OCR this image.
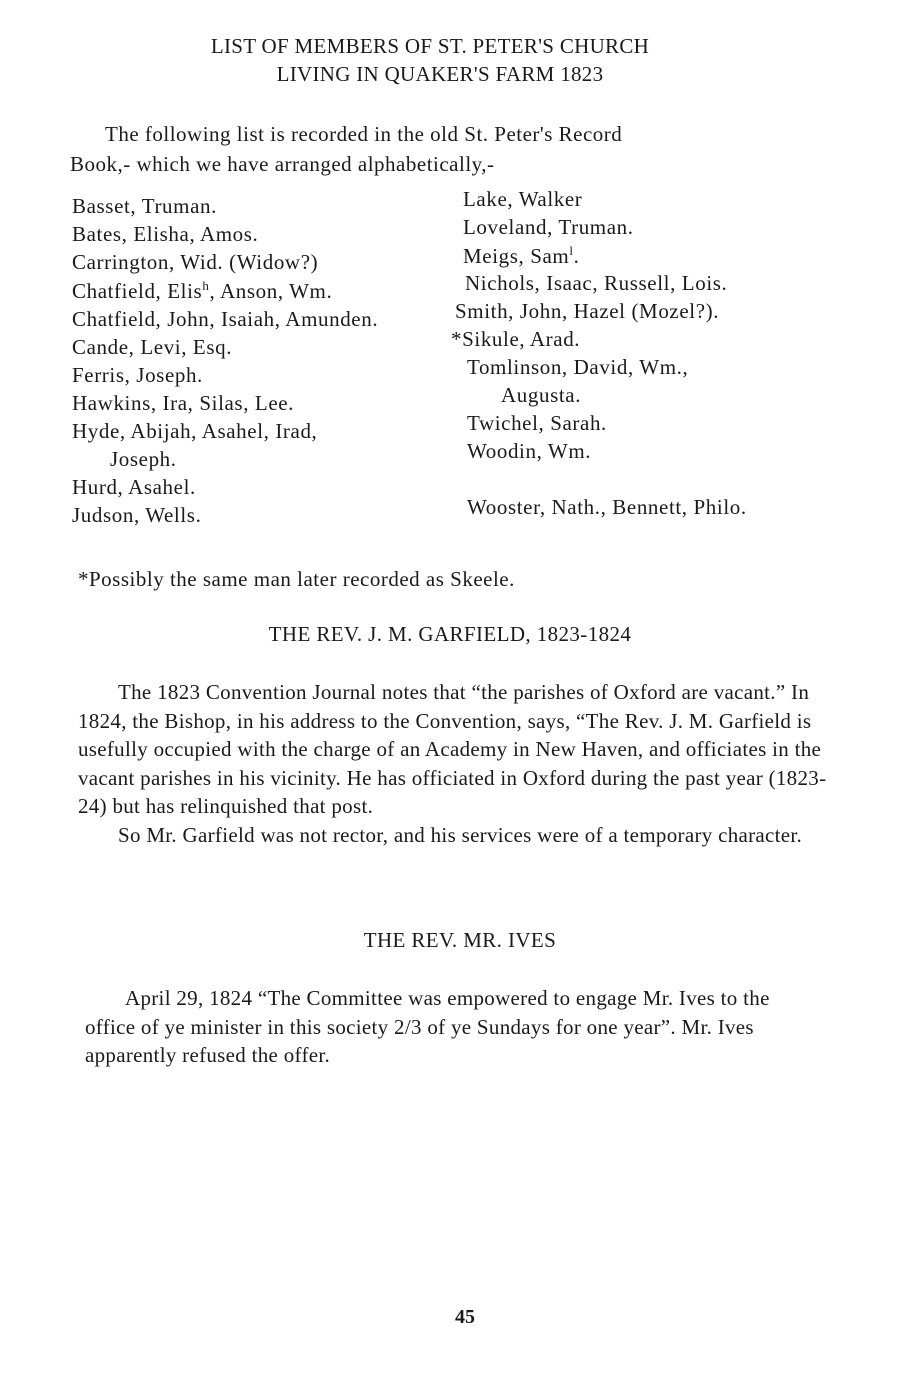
LIST OF MEMBERS OF ST. PETER'S CHURCH
LIVING IN QUAKER'S FARM 1823
The following list is recorded in the old St. Peter's Record
Book,- which we have arranged alphabetically,-
Basset, Truman.
Bates, Elisha, Amos.
Carrington, Wid. (Widow?)
Chatfield, Elis$^h$, Anson, Wm.
Chatfield, John, Isaiah, Amunden.
Cande, Levi, Esq.
Ferris, Joseph.
Hawkins, Ira, Silas, Lee.
Hyde, Abijah, Asahel, Irad,
Joseph.
Hurd, Asahel.
Judson, Wells.
Lake, Walker
Loveland, Truman.
Meigs, Sam$^l$.
Nichols, Isaac, Russell, Lois.
Smith, John, Hazel (Mozel?).
*Sikule, Arad.
Tomlinson, David, Wm.,
Augusta.
Twichel, Sarah.
Woodin, Wm.
Wooster, Nath., Bennett, Philo.
*Possibly the same man later recorded as Skeele.
THE REV. J. M. GARFIELD, 1823-1824

The 1823 Convention Journal notes that “the parishes of Oxford are vacant.” In 1824, the Bishop, in his address to the Convention, says, “The Rev. J. M. Garfield is usefully occupied with the charge of an Academy in New Haven, and officiates in the vacant parishes in his vicinity. He has officiated in Oxford during the past year (1823-24) but has relinquished that post.

So Mr. Garfield was not rector, and his services were of a temporary character.

THE REV. MR. IVES

April 29, 1824 “The Committee was empowered to engage Mr. Ives to the office of ye minister in this society 2/3 of ye Sundays for one year”. Mr. Ives apparently refused the offer.

45
